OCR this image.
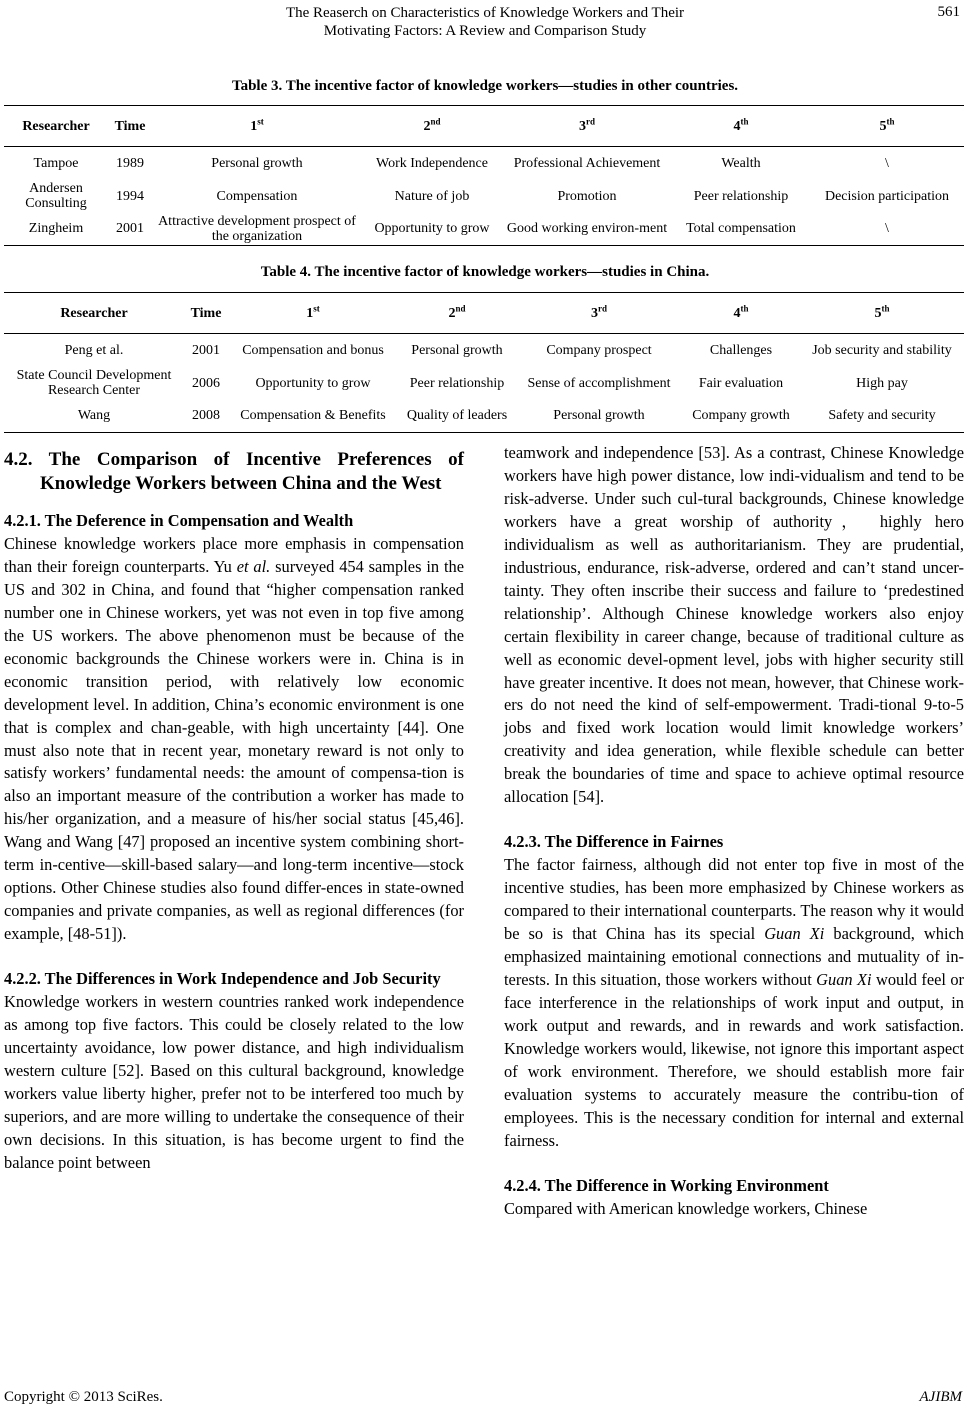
The Reaserch on Characteristics of Knowledge Workers and Their
Motivating Factors: A Review and Comparison Study
561
Table 3. The incentive factor of knowledge workers—studies in other countries.
Researcher	Time	1st	2nd	3rd	4th	5th
Tampoe	1989	Personal growth	Work Independence	Professional Achievement	Wealth	\
Andersen Consulting	1994	Compensation	Nature of job	Promotion	Peer relationship	Decision participation
Zingheim	2001	Attractive development prospect of the organization	Opportunity to grow	Good working environ-ment	Total compensation	\
Table 4. The incentive factor of knowledge workers—studies in China.
Researcher	Time	1st	2nd	3rd	4th	5th
Peng et al.	2001	Compensation and bonus	Personal growth	Company prospect	Challenges	Job security and stability
State Council Development Research Center	2006	Opportunity to grow	Peer relationship	Sense of accomplishment	Fair evaluation	High pay
Wang	2008	Compensation & Benefits	Quality of leaders	Personal growth	Company growth	Safety and security
4.2. The Comparison of Incentive Preferences of Knowledge Workers between China and the West
4.2.1. The Deference in Compensation and Wealth

Chinese knowledge workers place more emphasis in compensation than their foreign counterparts. Yu et al. surveyed 454 samples in the US and 302 in China, and found that “higher compensation ranked number one in Chinese workers, yet was not even in top five among the US workers. The above phenomenon must be because of the economic backgrounds the Chinese workers were in. China is in economic transition period, with relatively low economic development level. In addition, China’s economic environment is one that is complex and chan-geable, with high uncertainty [44]. One must also note that in recent year, monetary reward is not only to satisfy workers’ fundamental needs: the amount of compensa-tion is also an important measure of the contribution a worker has made to his/her organization, and a measure of his/her social status [45,46]. Wang and Wang [47] proposed an incentive system combining short-term in-centive—skill-based salary—and long-term incentive—stock options. Other Chinese studies also found differ-ences in state-owned companies and private companies, as well as regional differences (for example, [48-51]).

4.2.2. The Differences in Work Independence and Job Security

Knowledge workers in western countries ranked work independence as among top five factors. This could be closely related to the low uncertainty avoidance, low power distance, and high individualism western culture [52]. Based on this cultural background, knowledge workers value liberty higher, prefer not to be interfered too much by superiors, and are more willing to undertake the consequence of their own decisions. In this situation, is has become urgent to find the balance point between

teamwork and independence [53]. As a contrast, Chinese Knowledge workers have high power distance, low indi-vidualism and tend to be risk-adverse. Under such cul-tural backgrounds, Chinese knowledge workers have a great worship of authority， highly hero individualism as well as authoritarianism. They are prudential, industrious, endurance, risk-adverse, ordered and can’t stand uncer-tainty. They often inscribe their success and failure to ‘predestined relationship’. Although Chinese knowledge workers also enjoy certain flexibility in career change, because of traditional culture as well as economic devel-opment level, jobs with higher security still have greater incentive. It does not mean, however, that Chinese work-ers do not need the kind of self-empowerment. Tradi-tional 9-to-5 jobs and fixed work location would limit knowledge workers’ creativity and idea generation, while flexible schedule can better break the boundaries of time and space to achieve optimal resource allocation [54].

4.2.3. The Difference in Fairnes

The factor fairness, although did not enter top five in most of the incentive studies, has been more emphasized by Chinese workers as compared to their international counterparts. The reason why it would be so is that China has its special Guan Xi background, which emphasized maintaining emotional connections and mutuality of in-terests. In this situation, those workers without Guan Xi would feel or face interference in the relationships of work input and output, in work output and rewards, and in rewards and work satisfaction. Knowledge workers would, likewise, not ignore this important aspect of work environment. Therefore, we should establish more fair evaluation systems to accurately measure the contribu-tion of employees. This is the necessary condition for internal and external fairness.

4.2.4. The Difference in Working Environment

Compared with American knowledge workers, Chinese

Copyright © 2013 SciRes.	AJIBM
